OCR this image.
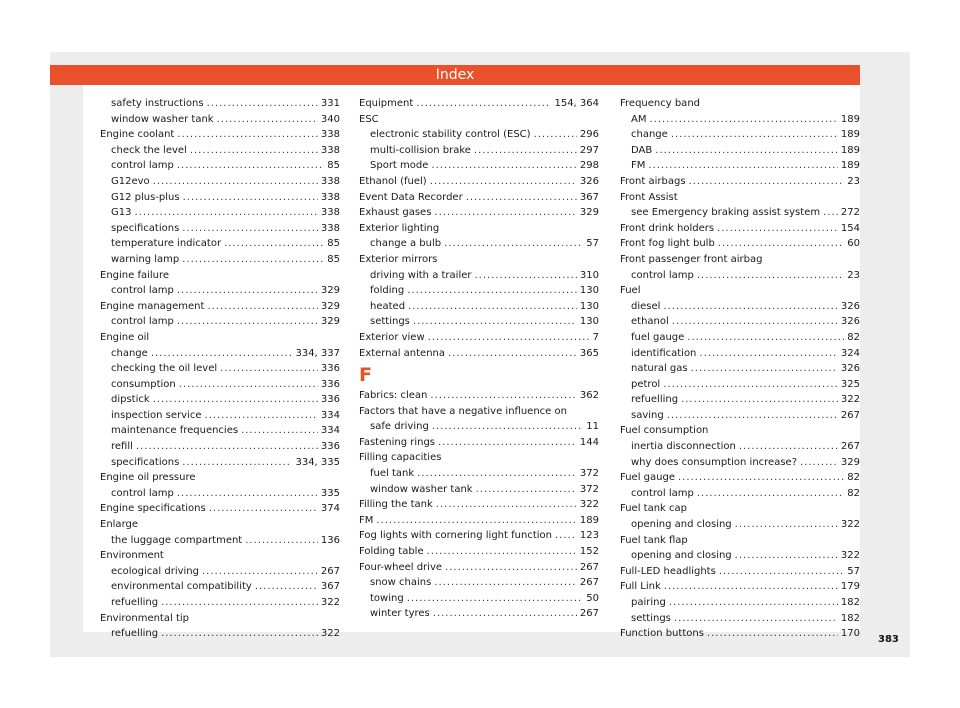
Index
safety instructions .....	331
window washer tank .....	340
Engine coolant .....	338
check the level .....	338
control lamp .....	85
G12evo .....	338
G12 plus-plus .....	338
G13 .....	338
specifications .....	338
temperature indicator .....	85
warning lamp .....	85
Engine failure
control lamp .....	329
Engine management .....	329
control lamp .....	329
Engine oil
change .....	334, 337
checking the oil level .....	336
consumption .....	336
dipstick .....	336
inspection service .....	334
maintenance frequencies .....	334
refill .....	336
specifications .....	334, 335
Engine oil pressure
control lamp .....	335
Engine specifications .....	374
Enlarge
the luggage compartment .....	136
Environment
ecological driving .....	267
environmental compatibility .....	367
refuelling .....	322
Environmental tip
refuelling .....	322
Equipment .....	154, 364
ESC
electronic stability control (ESC) .....	296
multi-collision brake .....	297
Sport mode .....	298
Ethanol (fuel) .....	326
Event Data Recorder .....	367
Exhaust gases .....	329
Exterior lighting
change a bulb .....	57
Exterior mirrors
driving with a trailer .....	310
folding .....	130
heated .....	130
settings .....	130
Exterior view .....	7
External antenna .....	365
F
Fabrics: clean .....	362
Factors that have a negative influence on
safe driving .....	11
Fastening rings .....	144
Filling capacities
fuel tank .....	372
window washer tank .....	372
Filling the tank .....	322
FM .....	189
Fog lights with cornering light function .....	123
Folding table .....	152
Four-wheel drive .....	267
snow chains .....	267
towing .....	50
winter tyres .....	267
Frequency band
AM .....	189
change .....	189
DAB .....	189
FM .....	189
Front airbags .....	23
Front Assist
see Emergency braking assist system ..... 272
Front drink holders .....	154
Front fog light bulb .....	60
Front passenger front airbag
control lamp .....	23
Fuel
diesel .....	326
ethanol .....	326
fuel gauge .....	82
identification .....	324
natural gas .....	326
petrol .....	325
refuelling .....	322
saving .....	267
Fuel consumption
inertia disconnection .....	267
why does consumption increase? .....	329
Fuel gauge .....	82
control lamp .....	82
Fuel tank cap
opening and closing .....	322
Fuel tank flap
opening and closing .....	322
Full-LED headlights .....	57
Full Link .....	179
pairing .....	182
settings .....	182
Function buttons .....	170
383
